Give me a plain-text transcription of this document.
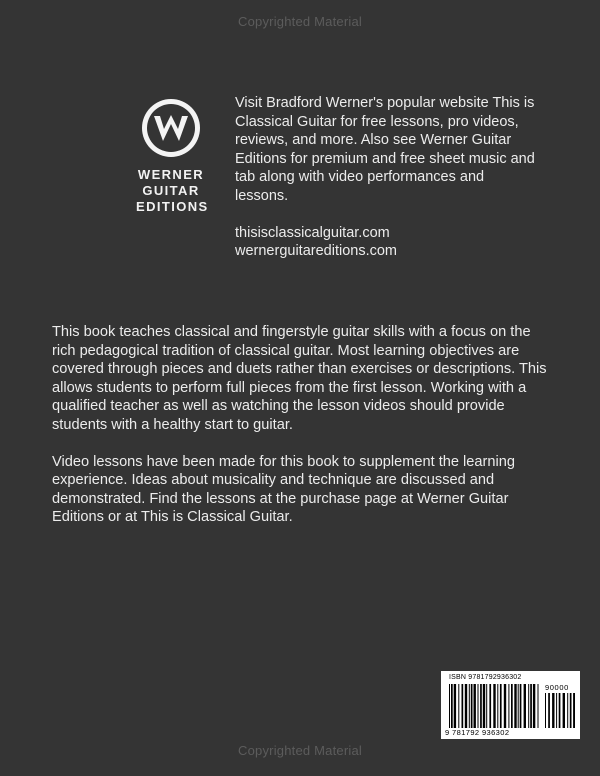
Copyrighted Material
WERNER
GUITAR
EDITIONS

Visit Bradford Werner's popular website This is Classical Guitar for free lessons, pro videos, reviews, and more. Also see Werner Guitar Editions for premium and free sheet music and tab along with video performances and lessons.

thisisclassicalguitar.com
wernerguitareditions.com

This book teaches classical and fingerstyle guitar skills with a focus on the rich pedagogical tradition of classical guitar. Most learning objectives are covered through pieces and duets rather than exercises or descriptions. This allows students to perform full pieces from the first lesson. Working with a qualified teacher as well as watching the lesson videos should provide students with a healthy start to guitar.

Video lessons have been made for this book to supplement the learning experience. Ideas about musicality and technique are discussed and demonstrated. Find the lessons at the purchase page at Werner Guitar Editions or at This is Classical Guitar.

ISBN 9781792936302
90000
9 781792 936302
Copyrighted Material
